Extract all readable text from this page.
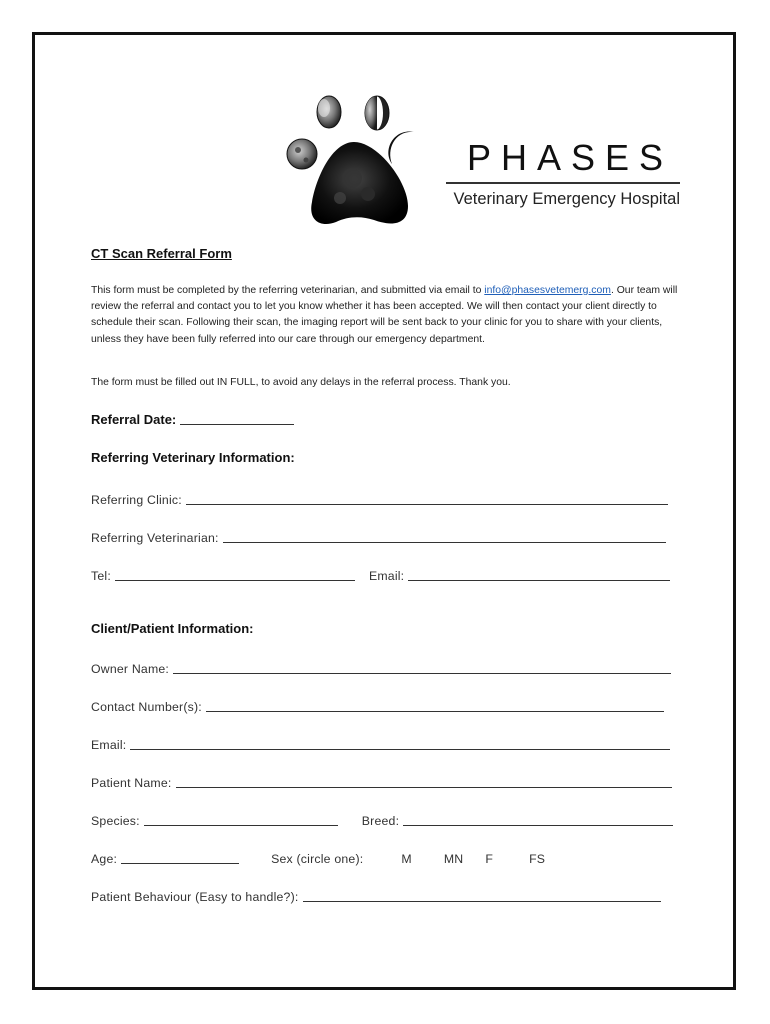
PHASES
Veterinary Emergency Hospital
CT Scan Referral Form
This form must be completed by the referring veterinarian, and submitted via email to info@phasesvetemerg.com. Our team will review the referral and contact you to let you know whether it has been accepted. We will then contact your client directly to schedule their scan. Following their scan, the imaging report will be sent back to your clinic for you to share with your clients, unless they have been fully referred into our care through our emergency department.
The form must be filled out IN FULL, to avoid any delays in the referral process. Thank you.
Referral Date:
Referring Veterinary Information:
Referring Clinic:
Referring Veterinarian:
Tel:	Email:
Client/Patient Information:
Owner Name:
Contact Number(s):
Email:
Patient Name:
Species:	Breed:
Age:	Sex (circle one):	M	MN F	FS
Patient Behaviour (Easy to handle?):
